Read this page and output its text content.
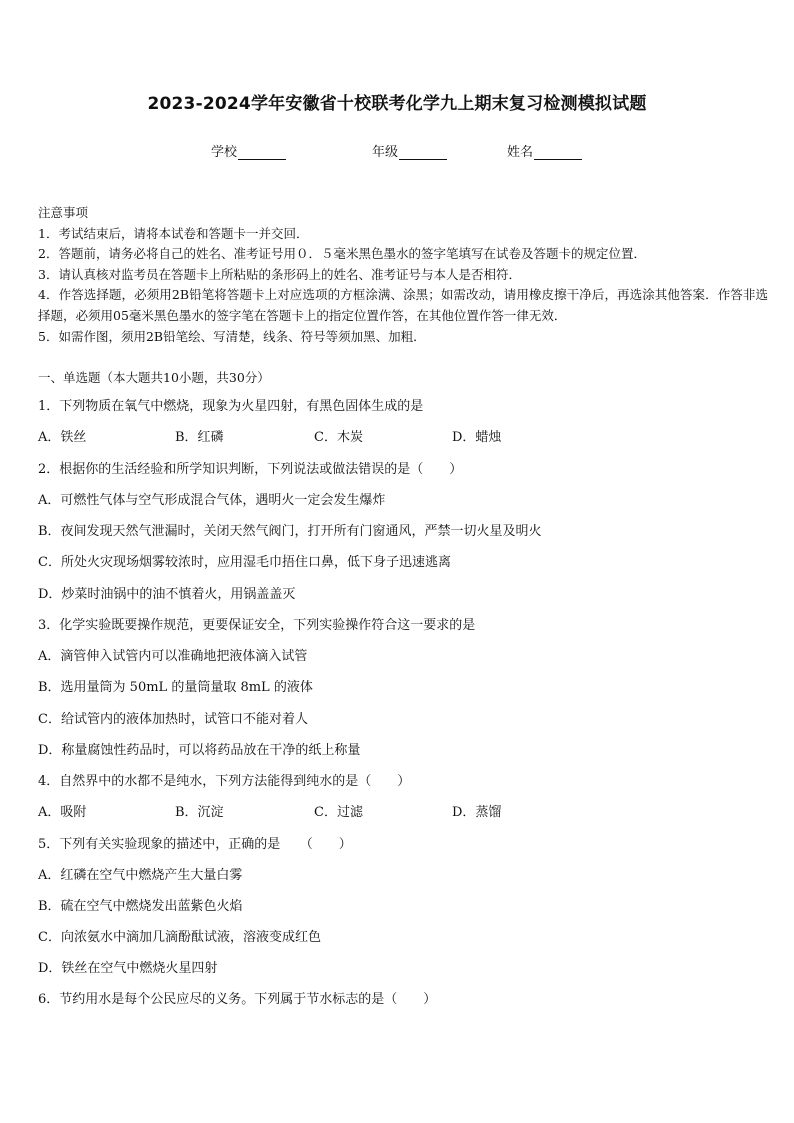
2023-2024学年安徽省十校联考化学九上期末复习检测模拟试题
学校	年级	姓名

注意事项

1．考试结束后，请将本试卷和答题卡一并交回．

2．答题前，请务必将自己的姓名、准考证号用０．５毫米黑色墨水的签字笔填写在试卷及答题卡的规定位置．

3．请认真核对监考员在答题卡上所粘贴的条形码上的姓名、准考证号与本人是否相符．

4．作答选择题，必须用2B铅笔将答题卡上对应选项的方框涂满、涂黑；如需改动，请用橡皮擦干净后，再选涂其他答案．作答非选择题，必须用05毫米黑色墨水的签字笔在答题卡上的指定位置作答，在其他位置作答一律无效．

5．如需作图，须用2B铅笔绘、写清楚，线条、符号等须加黑、加粗．

一、单选题（本大题共10小题，共30分）
1．下列物质在氧气中燃烧，现象为火星四射，有黑色固体生成的是
A．铁丝	B．红磷	C．木炭	D．蜡烛
2．根据你的生活经验和所学知识判断，下列说法或做法错误的是（　　）
A．可燃性气体与空气形成混合气体，遇明火一定会发生爆炸
B．夜间发现天然气泄漏时，关闭天然气阀门，打开所有门窗通风，严禁一切火星及明火
C．所处火灾现场烟雾较浓时，应用湿毛巾捂住口鼻，低下身子迅速逃离
D．炒菜时油锅中的油不慎着火，用锅盖盖灭
3．化学实验既要操作规范，更要保证安全，下列实验操作符合这一要求的是
A．滴管伸入试管内可以准确地把液体滴入试管
B．选用量筒为 50mL 的量筒量取 8mL 的液体
C．给试管内的液体加热时，试管口不能对着人
D．称量腐蚀性药品时，可以将药品放在干净的纸上称量
4．自然界中的水都不是纯水，下列方法能得到纯水的是（　　）
A．吸附	B．沉淀	C．过滤	D．蒸馏
5．下列有关实验现象的描述中，正确的是　　（　　）
A．红磷在空气中燃烧产生大量白雾
B．硫在空气中燃烧发出蓝紫色火焰
C．向浓氨水中滴加几滴酚酞试液，溶液变成红色
D．铁丝在空气中燃烧火星四射
6．节约用水是每个公民应尽的义务。下列属于节水标志的是（　　）
